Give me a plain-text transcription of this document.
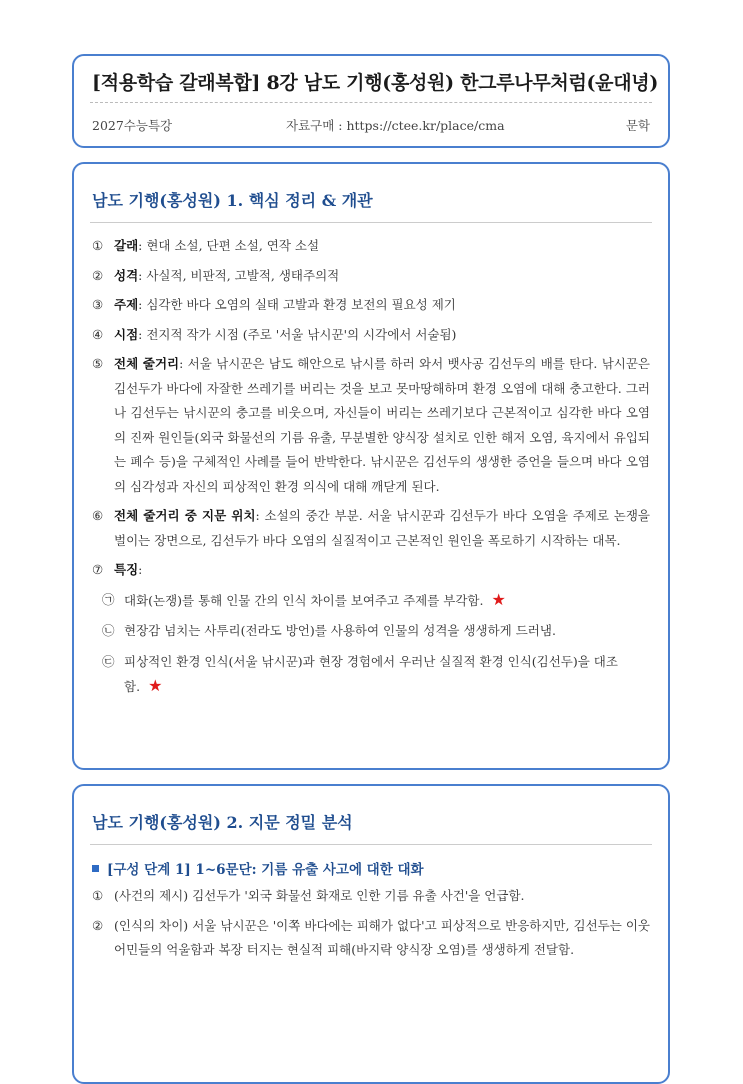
[적용학습 갈래복합] 8강 남도 기행(홍성원) 한그루나무처럼(윤대녕)
2027수능특강	자료구매 : https://ctee.kr/place/cma	문학
남도 기행(홍성원) 1. 핵심 정리 & 개관
① 갈래: 현대 소설, 단편 소설, 연작 소설
② 성격: 사실적, 비판적, 고발적, 생태주의적
③ 주제: 심각한 바다 오염의 실태 고발과 환경 보전의 필요성 제기
④ 시점: 전지적 작가 시점 (주로 '서울 낚시꾼'의 시각에서 서술됨)
⑤ 전체 줄거리: 서울 낚시꾼은 남도 해안으로 낚시를 하러 와서 뱃사공 김선두의 배를 탄다. 낚시꾼은 김선두가 바다에 자잘한 쓰레기를 버리는 것을 보고 못마땅해하며 환경 오염에 대해 충고한다. 그러나 김선두는 낚시꾼의 충고를 비웃으며, 자신들이 버리는 쓰레기보다 근본적이고 심각한 바다 오염의 진짜 원인들(외국 화물선의 기름 유출, 무분별한 양식장 설치로 인한 해저 오염, 육지에서 유입되는 폐수 등)을 구체적인 사례를 들어 반박한다. 낚시꾼은 김선두의 생생한 증언을 들으며 바다 오염의 심각성과 자신의 피상적인 환경 의식에 대해 깨닫게 된다.
⑥ 전체 줄거리 중 지문 위치: 소설의 중간 부분. 서울 낚시꾼과 김선두가 바다 오염을 주제로 논쟁을 벌이는 장면으로, 김선두가 바다 오염의 실질적이고 근본적인 원인을 폭로하기 시작하는 대목.
⑦ 특징:
㉠ 대화(논쟁)를 통해 인물 간의 인식 차이를 보여주고 주제를 부각함. ★
㉡ 현장감 넘치는 사투리(전라도 방언)를 사용하여 인물의 성격을 생생하게 드러냄.
㉢ 피상적인 환경 인식(서울 낚시꾼)과 현장 경험에서 우러난 실질적 환경 인식(김선두)을 대조함. ★
남도 기행(홍성원) 2. 지문 정밀 분석
[구성 단계 1] 1~6문단: 기름 유출 사고에 대한 대화
① (사건의 제시) 김선두가 '외국 화물선 화재로 인한 기름 유출 사건'을 언급함.
② (인식의 차이) 서울 낚시꾼은 '이쪽 바다에는 피해가 없다'고 피상적으로 반응하지만, 김선두는 이웃 어민들의 억울함과 복장 터지는 현실적 피해(바지락 양식장 오염)를 생생하게 전달함.
